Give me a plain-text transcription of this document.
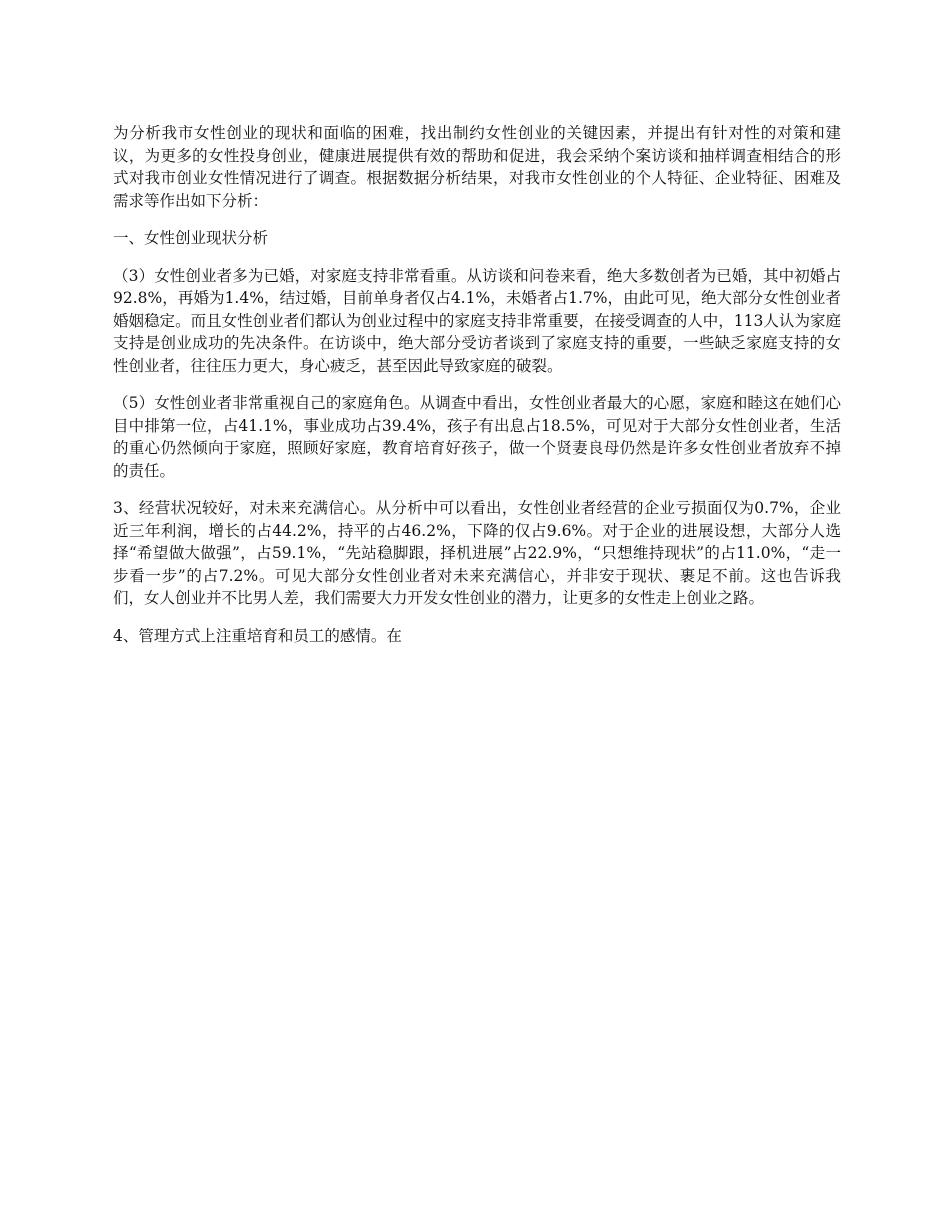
为分析我市女性创业的现状和面临的困难，找出制约女性创业的关键因素，并提出有针对性的对策和建议，为更多的女性投身创业，健康进展提供有效的帮助和促进，我会采纳个案访谈和抽样调查相结合的形式对我市创业女性情况进行了调查。根据数据分析结果，对我市女性创业的个人特征、企业特征、困难及需求等作出如下分析：

一、女性创业现状分析

（3）女性创业者多为已婚，对家庭支持非常看重。从访谈和问卷来看，绝大多数创者为已婚，其中初婚占92.8%，再婚为1.4%，结过婚，目前单身者仅占4.1%，未婚者占1.7%，由此可见，绝大部分女性创业者婚姻稳定。而且女性创业者们都认为创业过程中的家庭支持非常重要，在接受调查的人中，113人认为家庭支持是创业成功的先决条件。在访谈中，绝大部分受访者谈到了家庭支持的重要，一些缺乏家庭支持的女性创业者，往往压力更大，身心疲乏，甚至因此导致家庭的破裂。

（5）女性创业者非常重视自己的家庭角色。从调查中看出，女性创业者最大的心愿，家庭和睦这在她们心目中排第一位，占41.1%，事业成功占39.4%，孩子有出息占18.5%，可见对于大部分女性创业者，生活的重心仍然倾向于家庭，照顾好家庭，教育培育好孩子，做一个贤妻良母仍然是许多女性创业者放弃不掉的责任。

3、经营状况较好，对未来充满信心。从分析中可以看出，女性创业者经营的企业亏损面仅为0.7%，企业近三年利润，增长的占44.2%，持平的占46.2%，下降的仅占9.6%。对于企业的进展设想，大部分人选择“希望做大做强”，占59.1%，“先站稳脚跟，择机进展”占22.9%，“只想维持现状”的占11.0%，“走一步看一步”的占7.2%。可见大部分女性创业者对未来充满信心，并非安于现状、裹足不前。这也告诉我们，女人创业并不比男人差，我们需要大力开发女性创业的潜力，让更多的女性走上创业之路。

4、管理方式上注重培育和员工的感情。在
